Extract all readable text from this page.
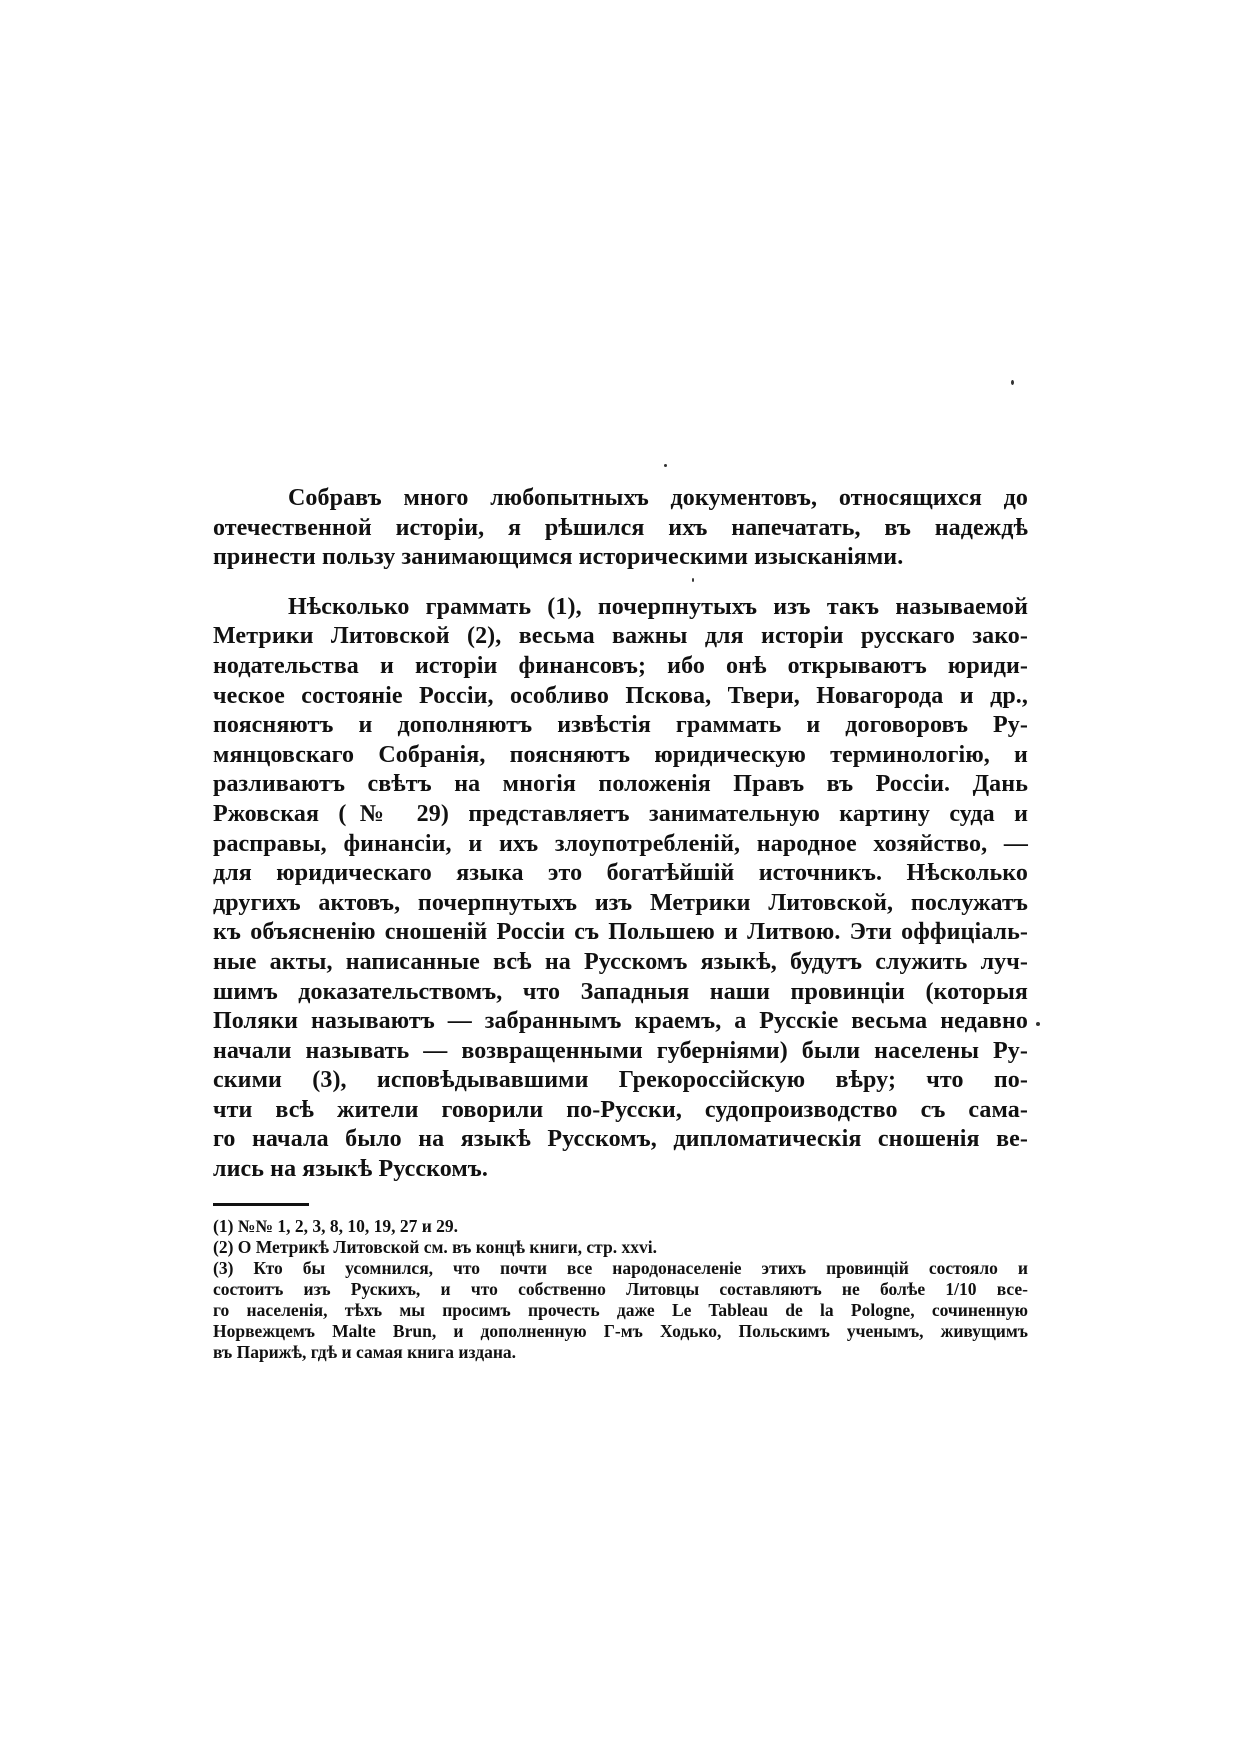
Собравъ много любопытныхъ документовъ, относящихся до
отечественной исторіи, я рѣшился ихъ напечатать, въ надеждѣ
принести пользу занимающимся историческими изысканіями.

Нѣсколько граммать (1), почерпнутыхъ изъ такъ называемой
Метрики Литовской (2), весьма важны для исторіи русскаго зако-
нодательства и исторіи финансовъ; ибо онѣ открываютъ юриди-
ческое состояніе Россіи, особливо Пскова, Твери, Новагорода и др.,
поясняютъ и дополняютъ извѣстія граммать и договоровъ Ру-
мянцовскаго Собранія, поясняютъ юридическую терминологію, и
разливаютъ свѣтъ на многія положенія Правъ въ Россіи. Дань
Ржовская (№ 29) представляетъ занимательную картину суда и
расправы, финансіи, и ихъ злоупотребленій, народное хозяйство, —
для юридическаго языка это богатѣйшій источникъ. Нѣсколько
другихъ актовъ, почерпнутыхъ изъ Метрики Литовской, послужатъ
къ объясненію сношеній Россіи съ Польшею и Литвою. Эти оффиціаль-
ные акты, написанные всѣ на Русскомъ языкѣ, будутъ служить луч-
шимъ доказательствомъ, что Западныя наши провинціи (которыя
Поляки называютъ — забраннымъ краемъ, а Русскіе весьма недавно
начали называть — возвращенными губерніями) были населены Ру-
скими (3), исповѣдывавшими Грекороссійскую вѣру; что по-
чти всѣ жители говорили по-Русски, судопроизводство съ сама-
го начала было на языкѣ Русскомъ, дипломатическія сношенія ве-
лись на языкѣ Русскомъ.

(1) №№ 1, 2, 3, 8, 10, 19, 27 и 29.

(2) О Метрикѣ Литовской см. въ концѣ книги, стр. xxvi.

(3) Кто бы усомнился, что почти все народонаселеніе этихъ провинцій состояло и
состоитъ изъ Рускихъ, и что собственно Литовцы составляютъ не болѣе 1/10 все-
го населенія, тѣхъ мы просимъ прочесть даже Le Tableau de la Pologne, сочиненную
Норвежцемъ Malte Brun, и дополненную Г-мъ Ходько, Польскимъ ученымъ, живущимъ
въ Парижѣ, гдѣ и самая книга издана.
